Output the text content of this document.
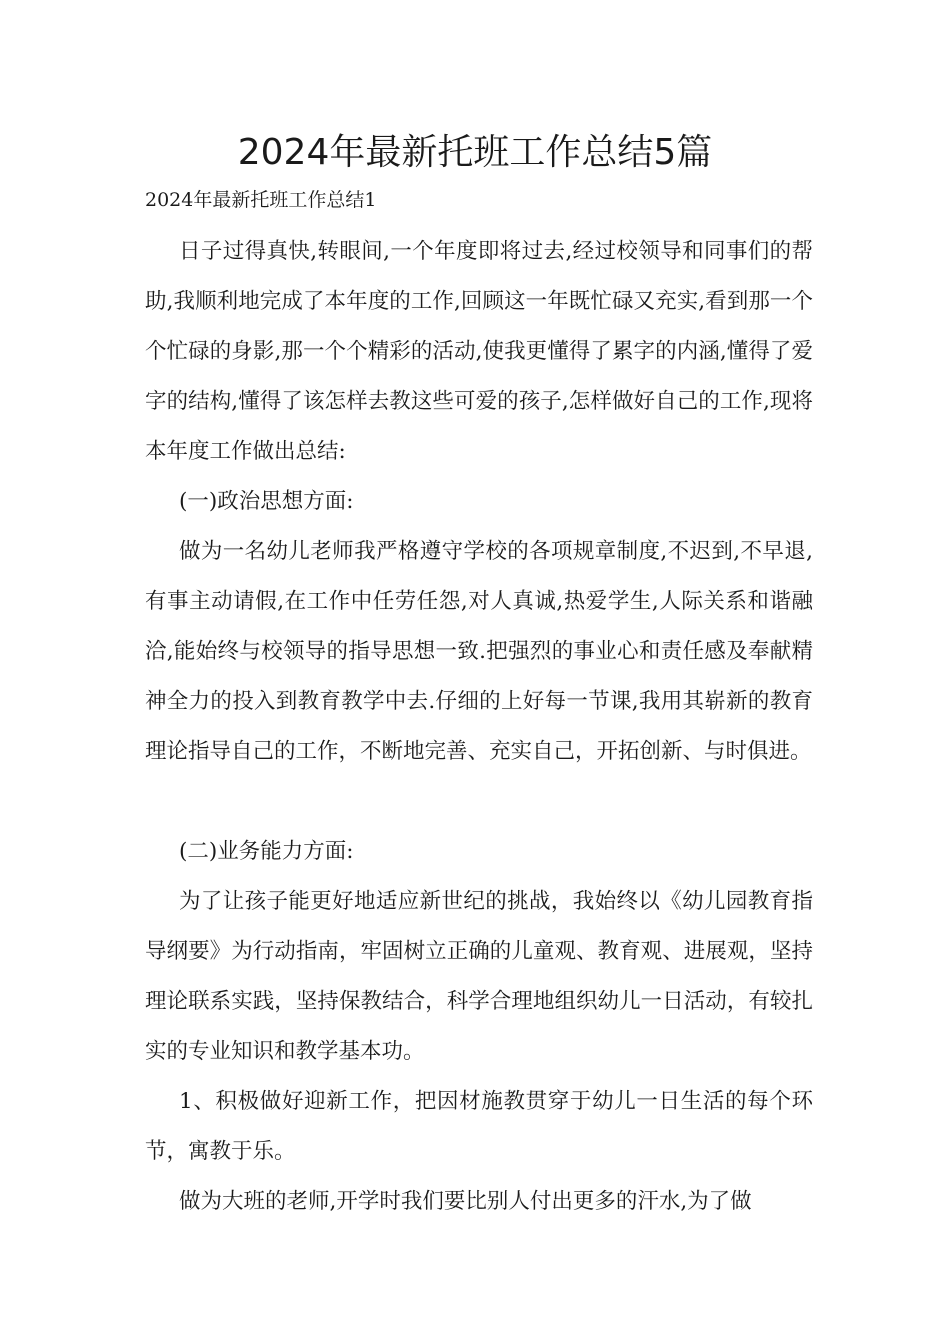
2024年最新托班工作总结5篇

2024年最新托班工作总结1

日子过得真快,转眼间,一个年度即将过去,经过校领导和同事们的帮助,我顺利地完成了本年度的工作,回顾这一年既忙碌又充实,看到那一个个忙碌的身影,那一个个精彩的活动,使我更懂得了累字的内涵,懂得了爱字的结构,懂得了该怎样去教这些可爱的孩子,怎样做好自己的工作,现将本年度工作做出总结:

(一)政治思想方面:

做为一名幼儿老师我严格遵守学校的各项规章制度,不迟到,不早退,有事主动请假,在工作中任劳任怨,对人真诚,热爱学生,人际关系和谐融洽,能始终与校领导的指导思想一致.把强烈的事业心和责任感及奉献精神全力的投入到教育教学中去.仔细的上好每一节课,我用其崭新的教育理论指导自己的工作，不断地完善、充实自己，开拓创新、与时俱进。

(二)业务能力方面:

为了让孩子能更好地适应新世纪的挑战，我始终以《幼儿园教育指导纲要》为行动指南，牢固树立正确的儿童观、教育观、进展观，坚持理论联系实践，坚持保教结合，科学合理地组织幼儿一日活动，有较扎实的专业知识和教学基本功。

1、积极做好迎新工作，把因材施教贯穿于幼儿一日生活的每个环节，寓教于乐。

做为大班的老师,开学时我们要比别人付出更多的汗水,为了做
